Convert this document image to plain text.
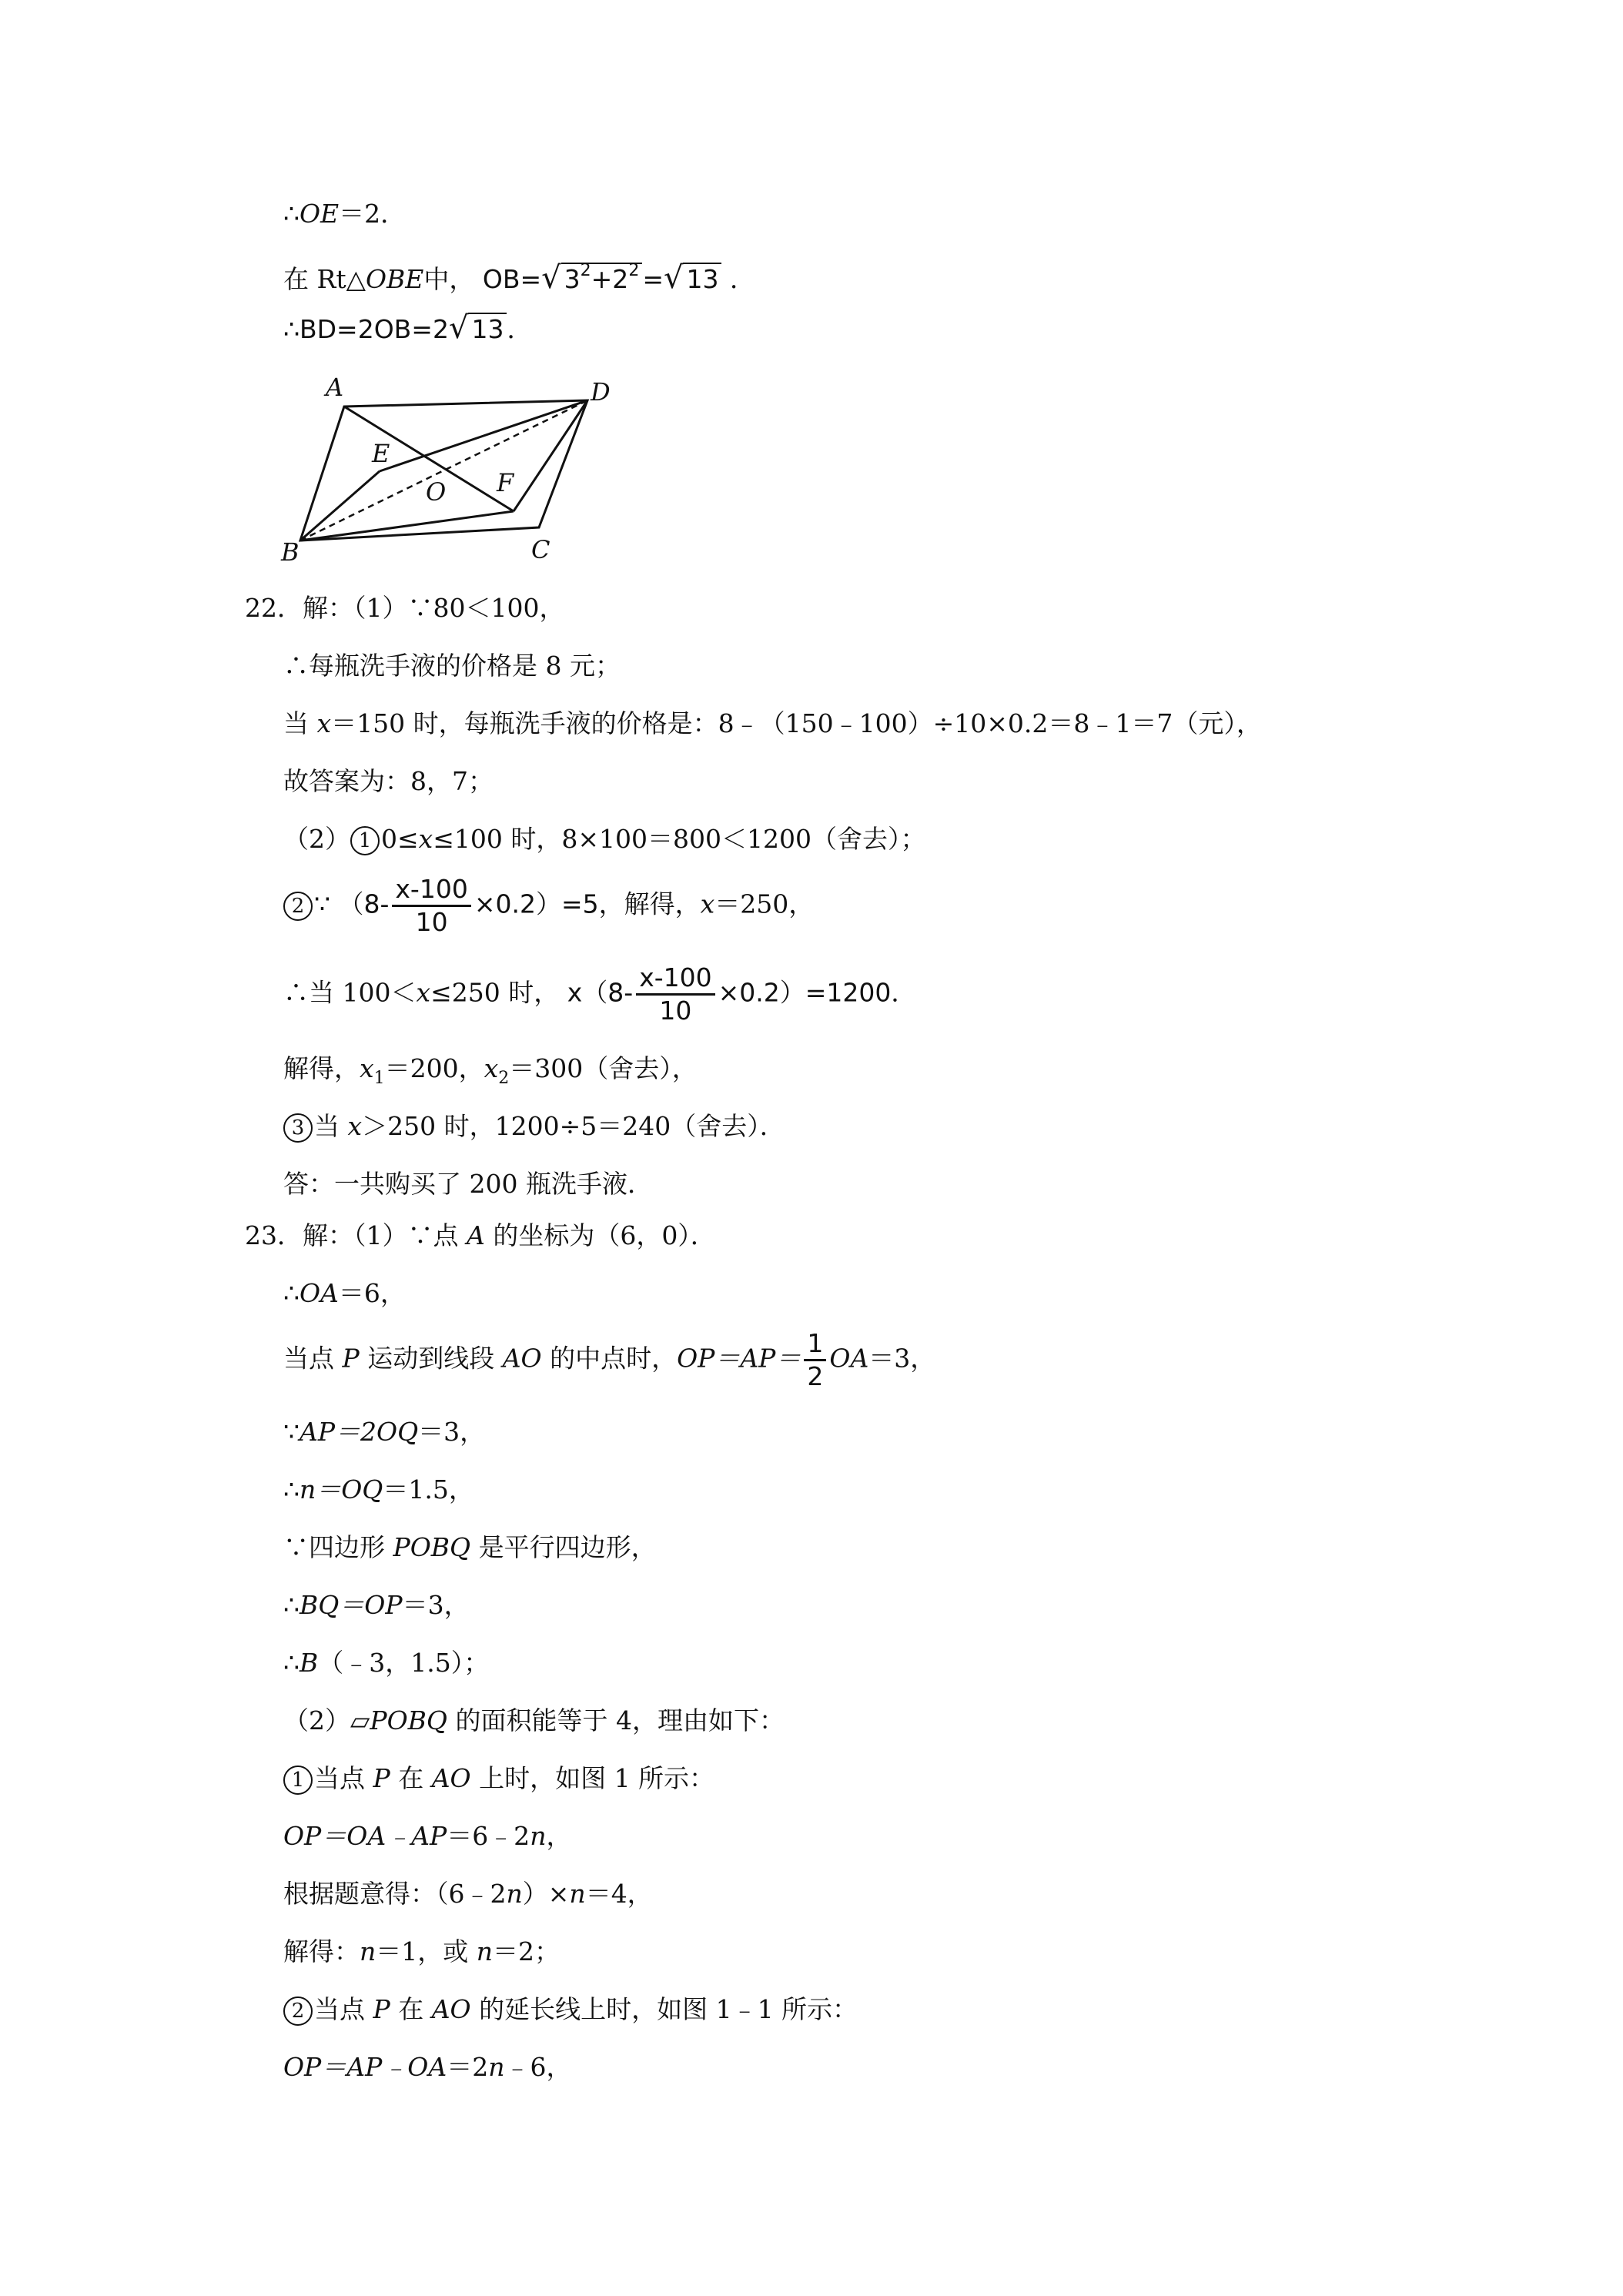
∴OE＝2．
在 Rt△OBE中， OB=√ $3^2+2^2$ =√ 13 ．
∴BD=2OB=2√ 13 ．
A	D
E
O F
B	C
22．解：（1）∵80＜100，
∴每瓶洗手液的价格是 8 元；
当 x＝150 时，每瓶洗手液的价格是：8﹣（150﹣100）÷10×0.2＝8﹣1＝7（元），
故答案为：8，7；
（2） 1 0≤x≤100 时，8×100＝800＜1200（舍去）；
2 ∵ $(8- \frac{x-100}{10} \times 0.2)=5$，解得，x＝250，
∴当 100＜x≤250 时， $x(8- \frac{x-100}{10} \times 0.2)=1200$．
解得，$x_1=200$，$x_2=300$（舍去），
3 当 x＞250 时，1200÷5＝240（舍去）．
答：一共购买了 200 瓶洗手液．
23．解：（1）∵点 A 的坐标为（6，0）．
∴OA＝6，
当点 P 运动到线段 AO 的中点时，$OP=AP= \frac{1}{2} OA=3$，
∵AP＝2OQ＝3，
∴n＝OQ＝1.5，
∵四边形 POBQ 是平行四边形，
∴BQ＝OP＝3，
∴B（﹣3，1.5）；
（2）▱POBQ 的面积能等于 4，理由如下：
1 当点 P 在 AO 上时，如图 1 所示：
OP＝OA﹣AP＝6﹣2n，
根据题意得：（6﹣2n）×n＝4，
解得：n＝1，或 n＝2；
2 当点 P 在 AO 的延长线上时，如图 1﹣1 所示：
OP＝AP﹣OA＝2n﹣6，
